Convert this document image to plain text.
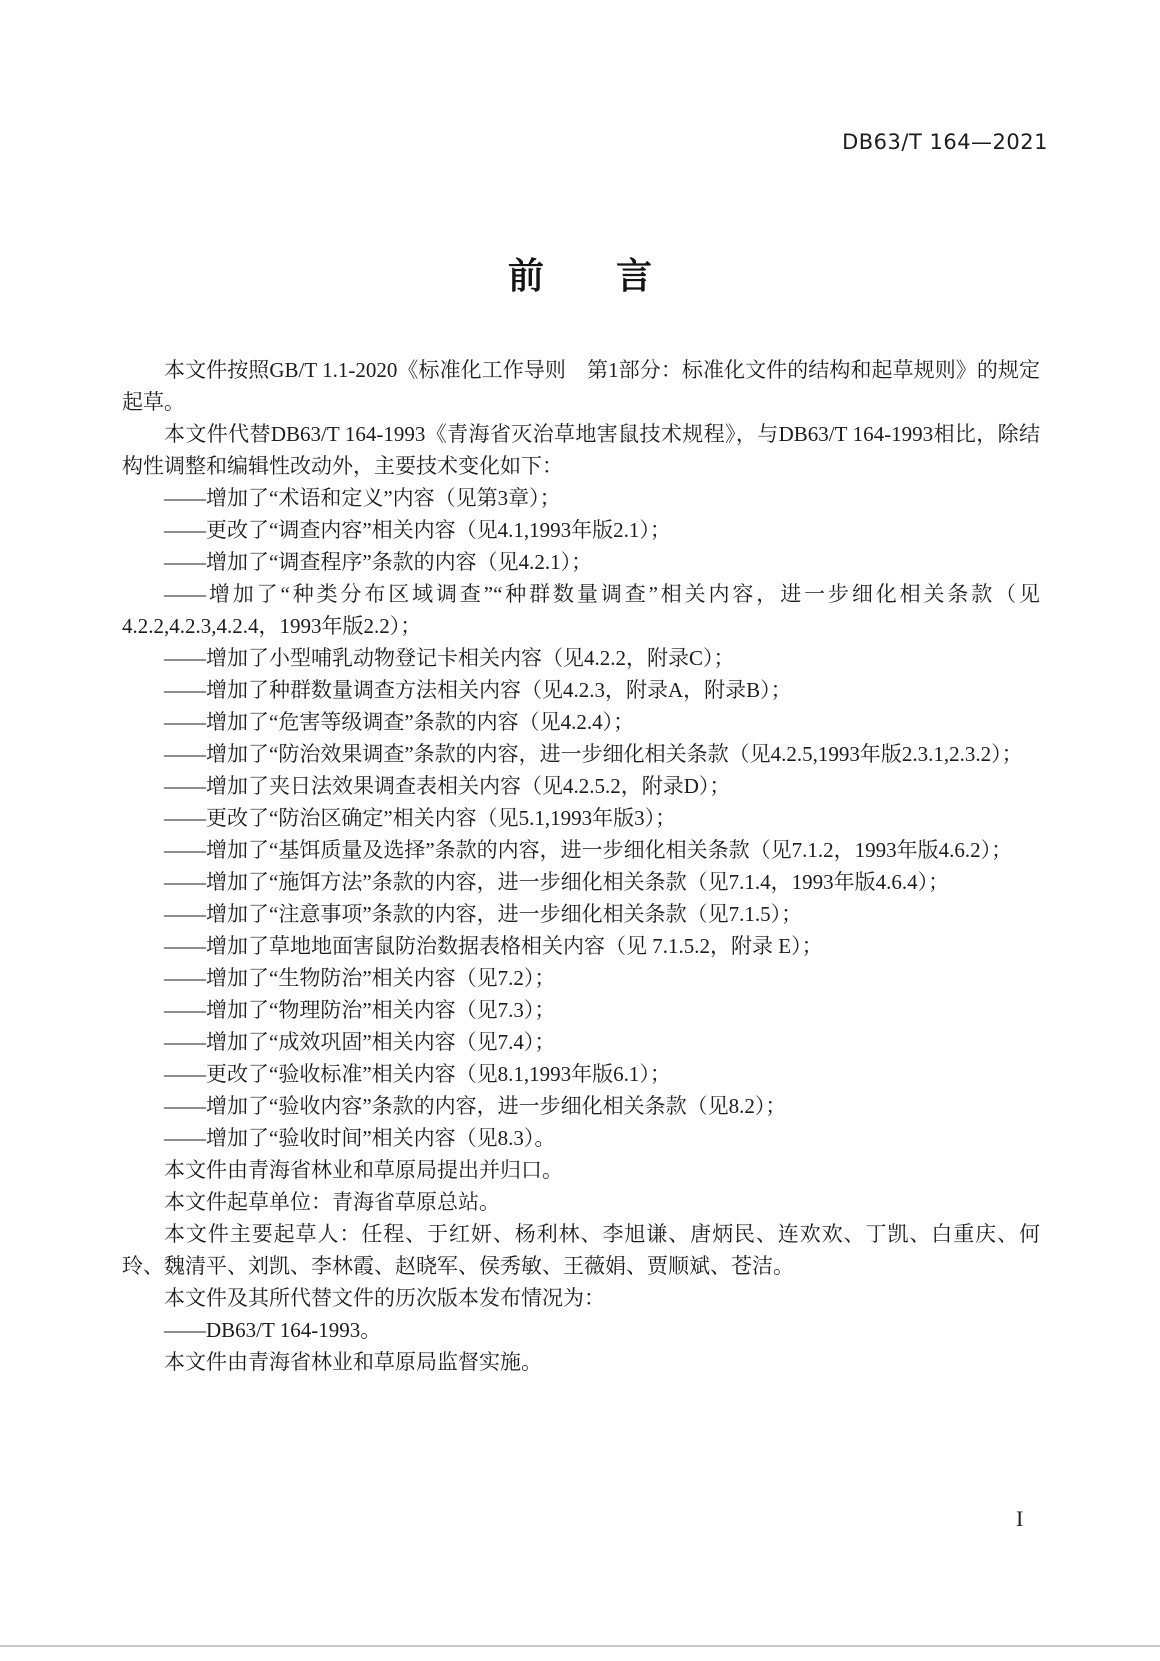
DB63/T 164—2021
前　　言

本文件按照GB/T 1.1-2020《标准化工作导则　第1部分：标准化文件的结构和起草规则》的规定起草。

本文件代替DB63/T 164-1993《青海省灭治草地害鼠技术规程》，与DB63/T 164-1993相比，除结构性调整和编辑性改动外，主要技术变化如下：

——增加了“术语和定义”内容（见第3章）；

——更改了“调查内容”相关内容（见4.1,1993年版2.1）；

——增加了“调查程序”条款的内容（见4.2.1）；

——增加了“种类分布区域调查”“种群数量调查”相关内容，进一步细化相关条款（见4.2.2,4.2.3,4.2.4，1993年版2.2）；

——增加了小型哺乳动物登记卡相关内容（见4.2.2，附录C）；

——增加了种群数量调查方法相关内容（见4.2.3，附录A，附录B）；

——增加了“危害等级调查”条款的内容（见4.2.4）；

——增加了“防治效果调查”条款的内容，进一步细化相关条款（见4.2.5,1993年版2.3.1,2.3.2）；

——增加了夹日法效果调查表相关内容（见4.2.5.2，附录D）；

——更改了“防治区确定”相关内容（见5.1,1993年版3）；

——增加了“基饵质量及选择”条款的内容，进一步细化相关条款（见7.1.2，1993年版4.6.2）；

——增加了“施饵方法”条款的内容，进一步细化相关条款（见7.1.4，1993年版4.6.4）；

——增加了“注意事项”条款的内容，进一步细化相关条款（见7.1.5）；

——增加了草地地面害鼠防治数据表格相关内容（见 7.1.5.2，附录 E）；

——增加了“生物防治”相关内容（见7.2）；

——增加了“物理防治”相关内容（见7.3）；

——增加了“成效巩固”相关内容（见7.4）；

——更改了“验收标准”相关内容（见8.1,1993年版6.1）；

——增加了“验收内容”条款的内容，进一步细化相关条款（见8.2）；

——增加了“验收时间”相关内容（见8.3）。

本文件由青海省林业和草原局提出并归口。

本文件起草单位：青海省草原总站。

本文件主要起草人：任程、于红妍、杨利林、李旭谦、唐炳民、连欢欢、丁凯、白重庆、何玲、魏清平、刘凯、李林霞、赵晓军、侯秀敏、王薇娟、贾顺斌、苍洁。

本文件及其所代替文件的历次版本发布情况为：

——DB63/T 164-1993。

本文件由青海省林业和草原局监督实施。

I
